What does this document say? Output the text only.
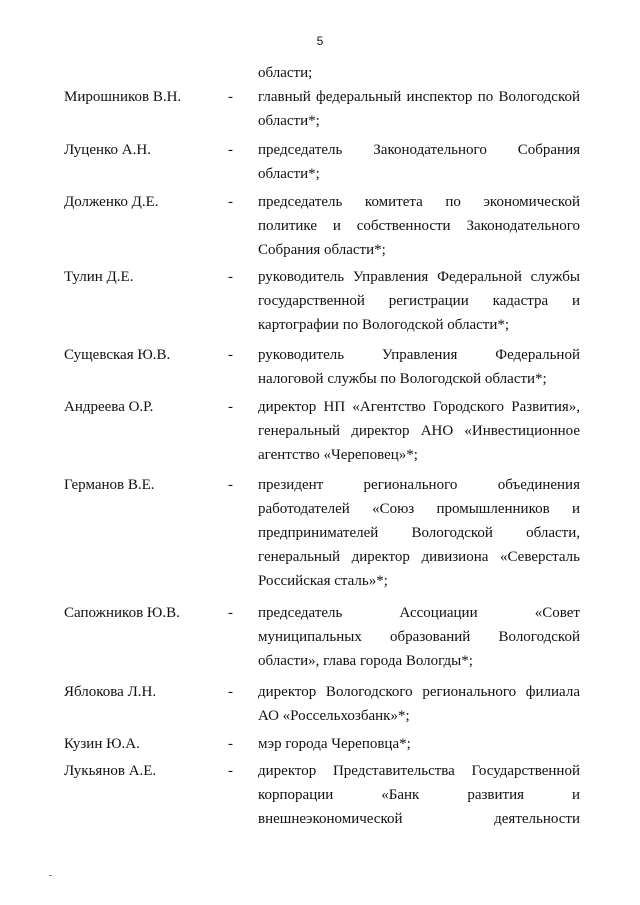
5
области;
Мирошников В.Н.	- главный федеральный инспектор по Вологодской
области*;
Луценко А.Н.	- председатель Законодательного Собрания
области*;
Долженко Д.Е.	- председатель комитета по экономической
политике и собственности Законодательного
Собрания области*;
Тулин Д.Е.	- руководитель Управления Федеральной службы
государственной регистрации кадастра и
картографии по Вологодской области*;
Сущевская Ю.В.	- руководитель Управления Федеральной
налоговой службы по Вологодской области*;
Андреева О.Р.	- директор НП «Агентство Городского Развития»,
генеральный директор АНО «Инвестиционное
агентство «Череповец»*;
Германов В.Е.	- президент регионального объединения
работодателей «Союз промышленников и
предпринимателей Вологодской области,
генеральный директор дивизиона «Северсталь
Российская сталь»*;
Сапожников Ю.В.	- председатель Ассоциации «Совет
муниципальных образований Вологодской
области», глава города Вологды*;
Яблокова Л.Н.	- директор Вологодского регионального филиала
АО «Россельхозбанк»*;
Кузин Ю.А.	- мэр города Череповца*;
Лукьянов А.Е.	- директор Представительства Государственной
корпорации «Банк развития и
внешнеэкономической деятельности
